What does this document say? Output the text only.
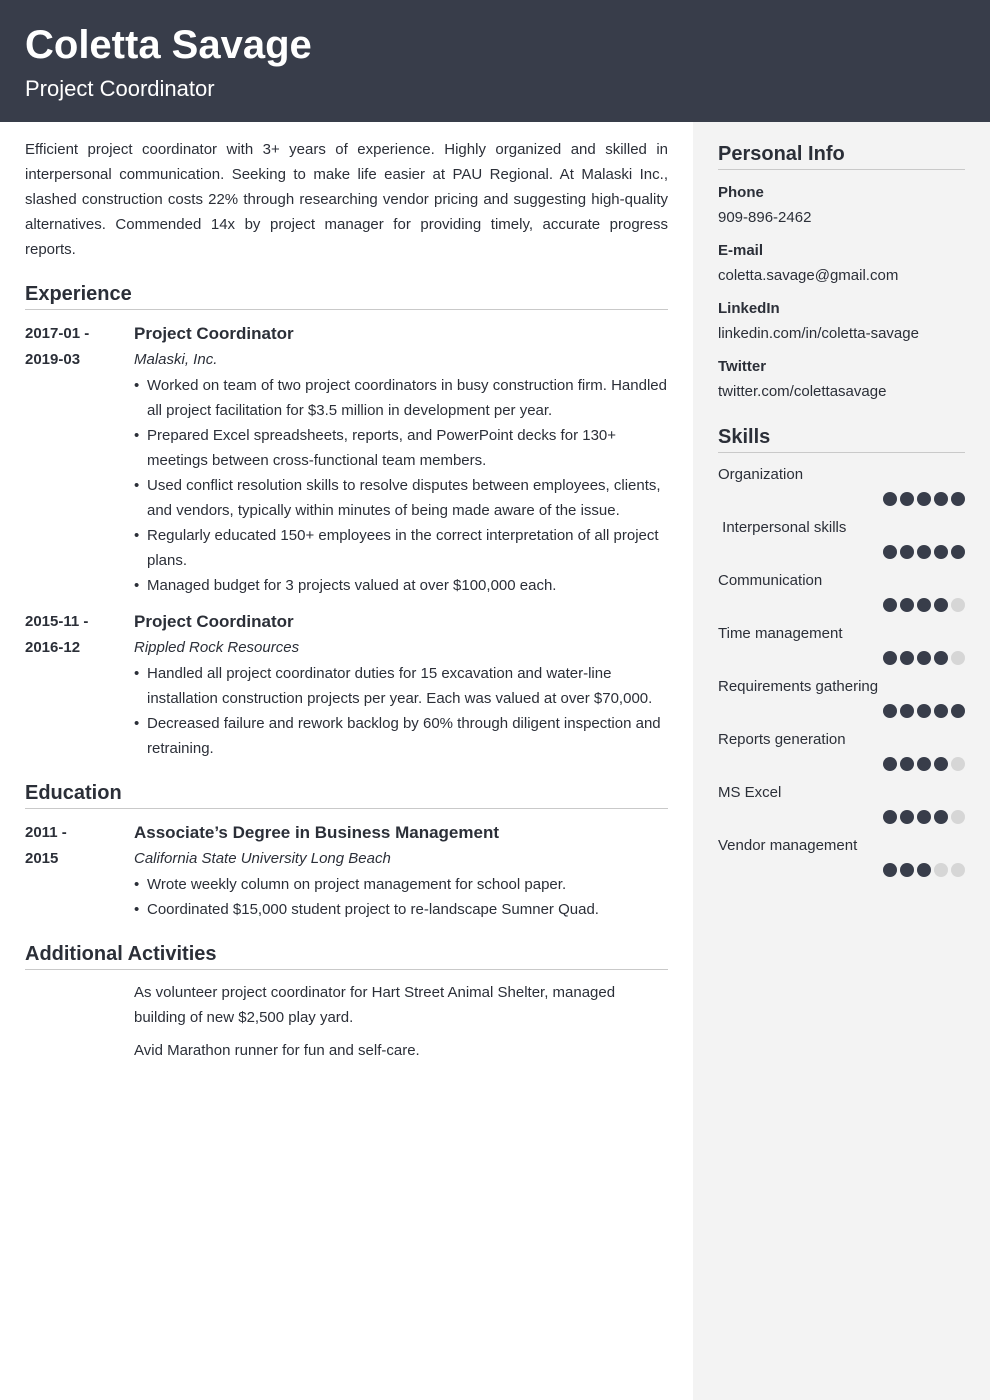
Coletta Savage
Project Coordinator

Efficient project coordinator with 3+ years of experience. Highly organized and skilled in interpersonal communication. Seeking to make life easier at PAU Regional. At Malaski Inc., slashed construction costs 22% through researching vendor pricing and suggesting high-quality alternatives. Commended 14x by project manager for providing timely, accurate progress reports.

Experience
2017-01 -
2019-03
Project Coordinator
Malaski, Inc.
• Worked on team of two project coordinators in busy construction firm. Handled all project facilitation for $3.5 million in development per year.
• Prepared Excel spreadsheets, reports, and PowerPoint decks for 130+ meetings between cross-functional team members.
• Used conflict resolution skills to resolve disputes between employees, clients, and vendors, typically within minutes of being made aware of the issue.
• Regularly educated 150+ employees in the correct interpretation of all project plans.
• Managed budget for 3 projects valued at over $100,000 each.
2015-11 -
2016-12
Project Coordinator
Rippled Rock Resources
• Handled all project coordinator duties for 15 excavation and water-line installation construction projects per year. Each was valued at over $70,000.
• Decreased failure and rework backlog by 60% through diligent inspection and retraining.
Education
2011 -
2015
Associate’s Degree in Business Management
California State University Long Beach
• Wrote weekly column on project management for school paper.
• Coordinated $15,000 student project to re-landscape Sumner Quad.
Additional Activities

As volunteer project coordinator for Hart Street Animal Shelter, managed building of new $2,500 play yard.

Avid Marathon runner for fun and self-care.

Personal Info
Phone
909-896-2462
E-mail
coletta.savage@gmail.com
LinkedIn
linkedin.com/in/coletta-savage
Twitter
twitter.com/colettasavage
Skills
Organization
Interpersonal skills
Communication
Time management
Requirements gathering
Reports generation
MS Excel
Vendor management
